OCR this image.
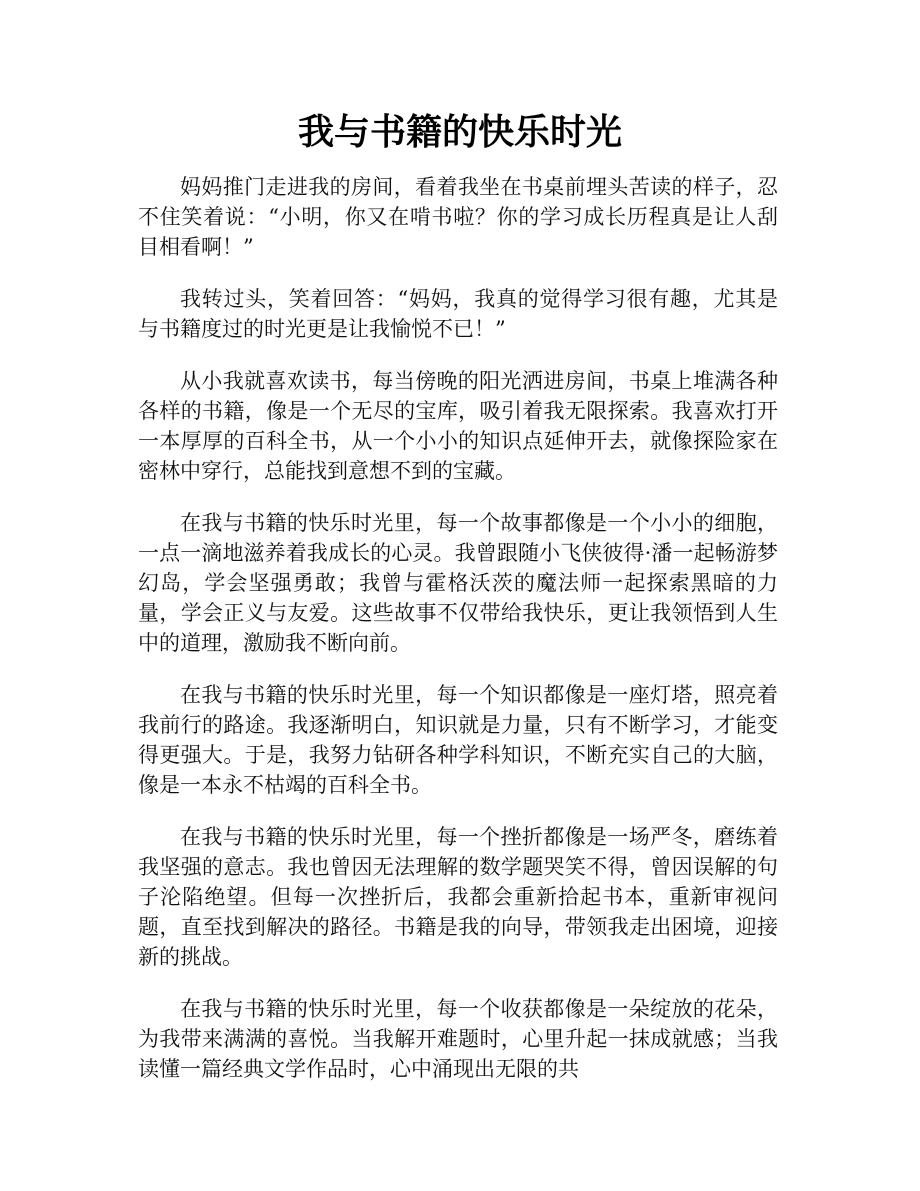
我与书籍的快乐时光

妈妈推门走进我的房间，看着我坐在书桌前埋头苦读的样子，忍不住笑着说：“小明，你又在啃书啦？你的学习成长历程真是让人刮目相看啊！”

我转过头，笑着回答：“妈妈，我真的觉得学习很有趣，尤其是与书籍度过的时光更是让我愉悦不已！”

从小我就喜欢读书，每当傍晚的阳光洒进房间，书桌上堆满各种各样的书籍，像是一个无尽的宝库，吸引着我无限探索。我喜欢打开一本厚厚的百科全书，从一个小小的知识点延伸开去，就像探险家在密林中穿行，总能找到意想不到的宝藏。

在我与书籍的快乐时光里，每一个故事都像是一个小小的细胞，一点一滴地滋养着我成长的心灵。我曾跟随小飞侠彼得·潘一起畅游梦幻岛，学会坚强勇敢；我曾与霍格沃茨的魔法师一起探索黑暗的力量，学会正义与友爱。这些故事不仅带给我快乐，更让我领悟到人生中的道理，激励我不断向前。

在我与书籍的快乐时光里，每一个知识都像是一座灯塔，照亮着我前行的路途。我逐渐明白，知识就是力量，只有不断学习，才能变得更强大。于是，我努力钻研各种学科知识，不断充实自己的大脑，像是一本永不枯竭的百科全书。

在我与书籍的快乐时光里，每一个挫折都像是一场严冬，磨练着我坚强的意志。我也曾因无法理解的数学题哭笑不得，曾因误解的句子沦陷绝望。但每一次挫折后，我都会重新拾起书本，重新审视问题，直至找到解决的路径。书籍是我的向导，带领我走出困境，迎接新的挑战。

在我与书籍的快乐时光里，每一个收获都像是一朵绽放的花朵，为我带来满满的喜悦。当我解开难题时，心里升起一抹成就感；当我读懂一篇经典文学作品时，心中涌现出无限的共
